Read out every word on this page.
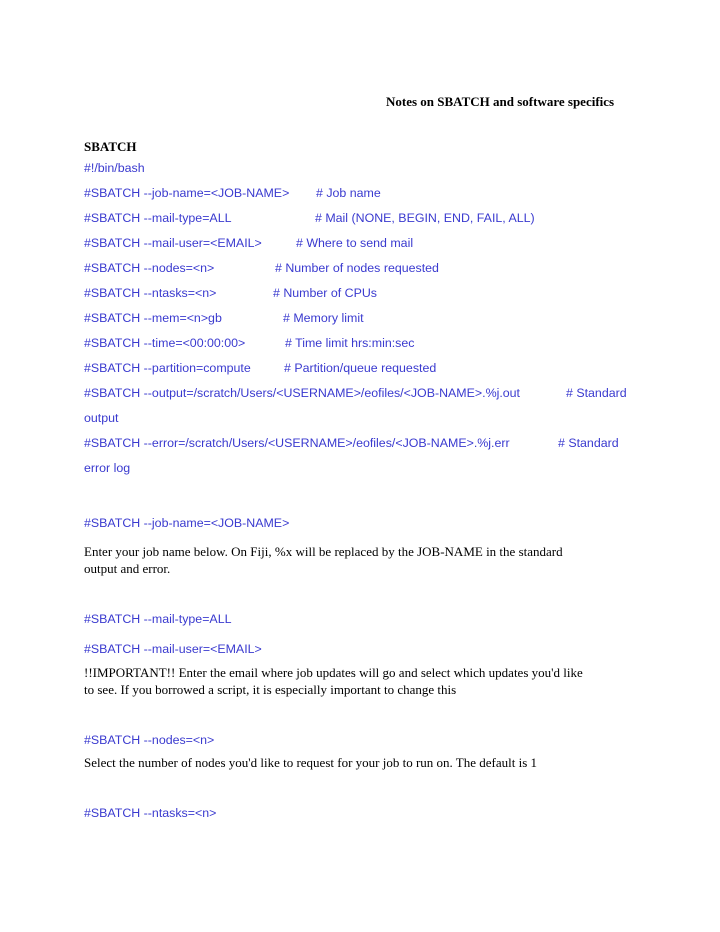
Notes on SBATCH and software specifics

SBATCH

#!/bin/bash

#SBATCH --job-name=<JOB-NAME> # Job name

#SBATCH --mail-type=ALL	# Mail (NONE, BEGIN, END, FAIL, ALL)

#SBATCH --mail-user=<EMAIL>	# Where to send mail

#SBATCH --nodes=<n>	# Number of nodes requested

#SBATCH --ntasks=<n>	# Number of CPUs

#SBATCH --mem=<n>gb	# Memory limit

#SBATCH --time=<00:00:00>	# Time limit hrs:min:sec

#SBATCH --partition=compute	# Partition/queue requested

#SBATCH --output=/scratch/Users/<USERNAME>/eofiles/<JOB-NAME>.%j.out	# Standard

output

#SBATCH --error=/scratch/Users/<USERNAME>/eofiles/<JOB-NAME>.%j.err	# Standard

error log

#SBATCH --job-name=<JOB-NAME>

Enter your job name below. On Fiji, %x will be replaced by the JOB-NAME in the standard

output and error.

#SBATCH --mail-type=ALL

#SBATCH --mail-user=<EMAIL>

!!IMPORTANT!! Enter the email where job updates will go and select which updates you'd like

to see. If you borrowed a script, it is especially important to change this

#SBATCH --nodes=<n>

Select the number of nodes you'd like to request for your job to run on. The default is 1

#SBATCH --ntasks=<n>
